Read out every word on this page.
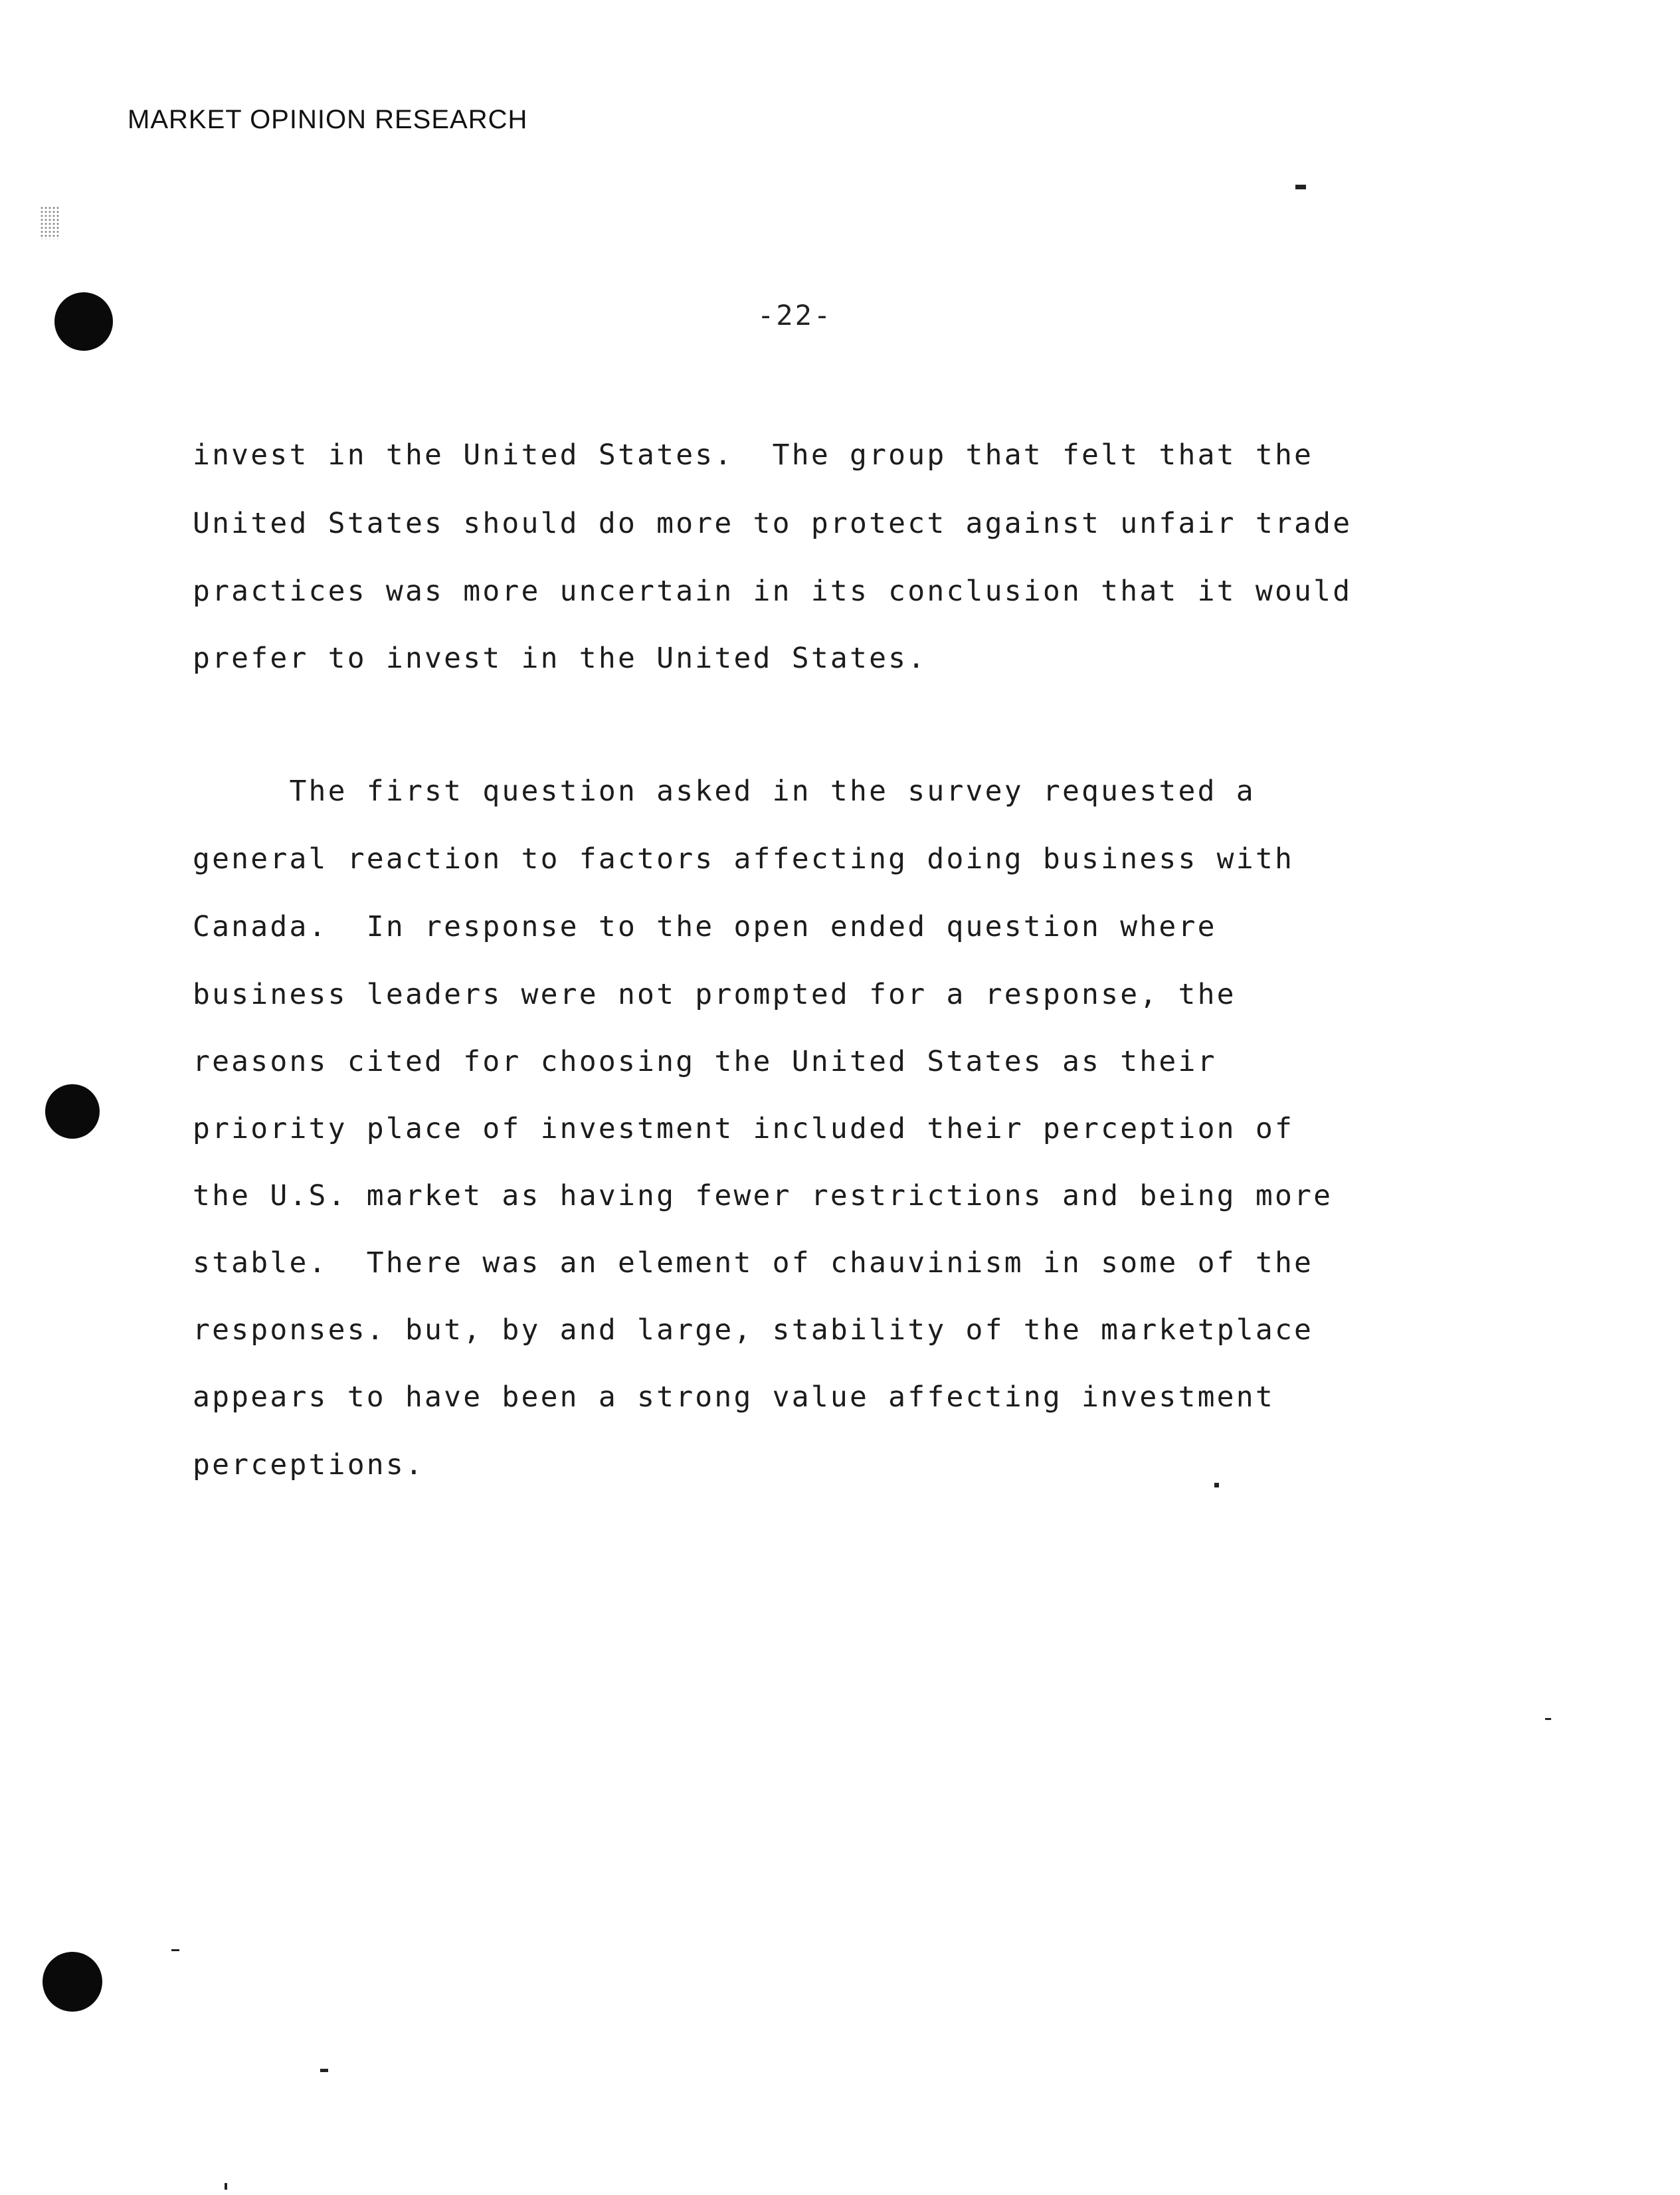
MARKET OPINION RESEARCH
-22-
invest in the United States.  The group that felt that the
United States should do more to protect against unfair trade
practices was more uncertain in its conclusion that it would
prefer to invest in the United States.
The first question asked in the survey requested a
general reaction to factors affecting doing business with
Canada.  In response to the open ended question where
business leaders were not prompted for a response, the
reasons cited for choosing the United States as their
priority place of investment included their perception of
the U.S. market as having fewer restrictions and being more
stable.  There was an element of chauvinism in some of the
responses. but, by and large, stability of the marketplace
appears to have been a strong value affecting investment
perceptions.
